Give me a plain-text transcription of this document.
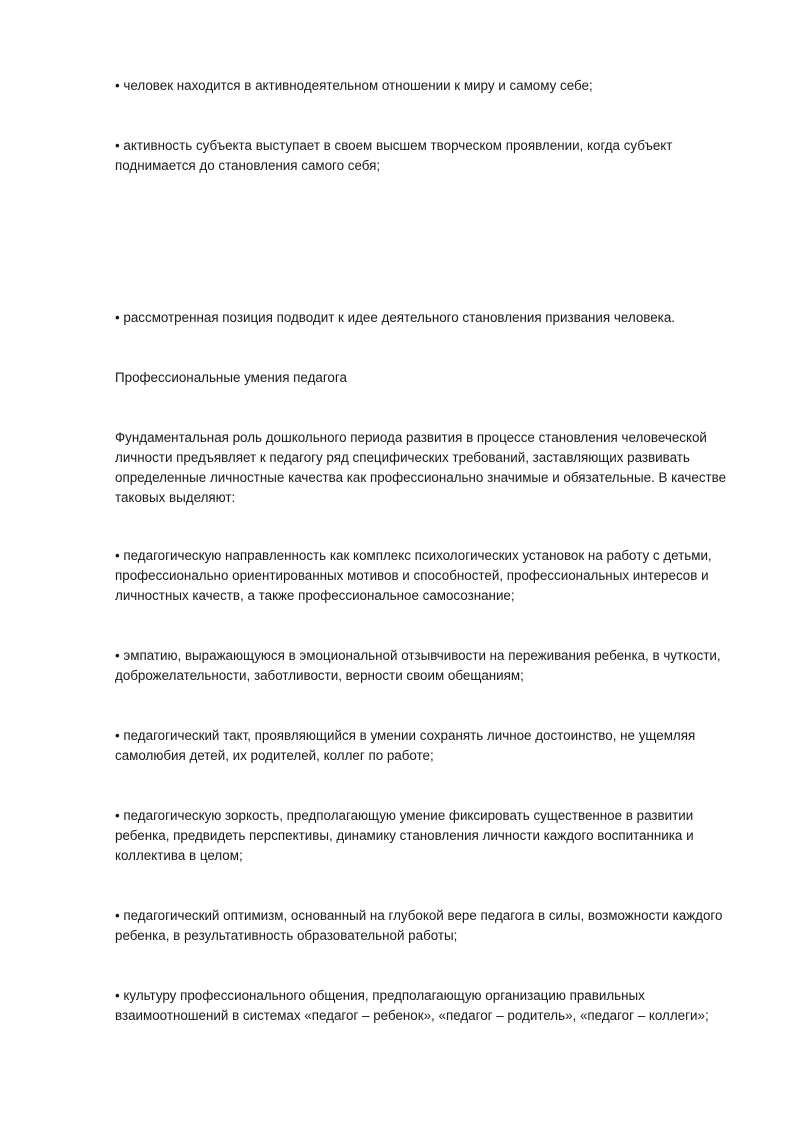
• человек находится в активнодеятельном отношении к миру и самому себе;

• активность субъекта выступает в своем высшем творческом проявлении, когда субъект
поднимается до становления самого себя;

• рассмотренная позиция подводит к идее деятельного становления призвания человека.

Профессиональные умения педагога

Фундаментальная роль дошкольного периода развития в процессе становления человеческой
личности предъявляет к педагогу ряд специфических требований, заставляющих развивать
определенные личностные качества как профессионально значимые и обязательные. В качестве
таковых выделяют:

• педагогическую направленность как комплекс психологических установок на работу с детьми,
профессионально ориентированных мотивов и способностей, профессиональных интересов и
личностных качеств, а также профессиональное самосознание;

• эмпатию, выражающуюся в эмоциональной отзывчивости на переживания ребенка, в чуткости,
доброжелательности, заботливости, верности своим обещаниям;

• педагогический такт, проявляющийся в умении сохранять личное достоинство, не ущемляя
самолюбия детей, их родителей, коллег по работе;

• педагогическую зоркость, предполагающую умение фиксировать существенное в развитии
ребенка, предвидеть перспективы, динамику становления личности каждого воспитанника и
коллектива в целом;

• педагогический оптимизм, основанный на глубокой вере педагога в силы, возможности каждого
ребенка, в результативность образовательной работы;

• культуру профессионального общения, предполагающую организацию правильных
взаимоотношений в системах «педагог – ребенок», «педагог – родитель», «педагог – коллеги»;
